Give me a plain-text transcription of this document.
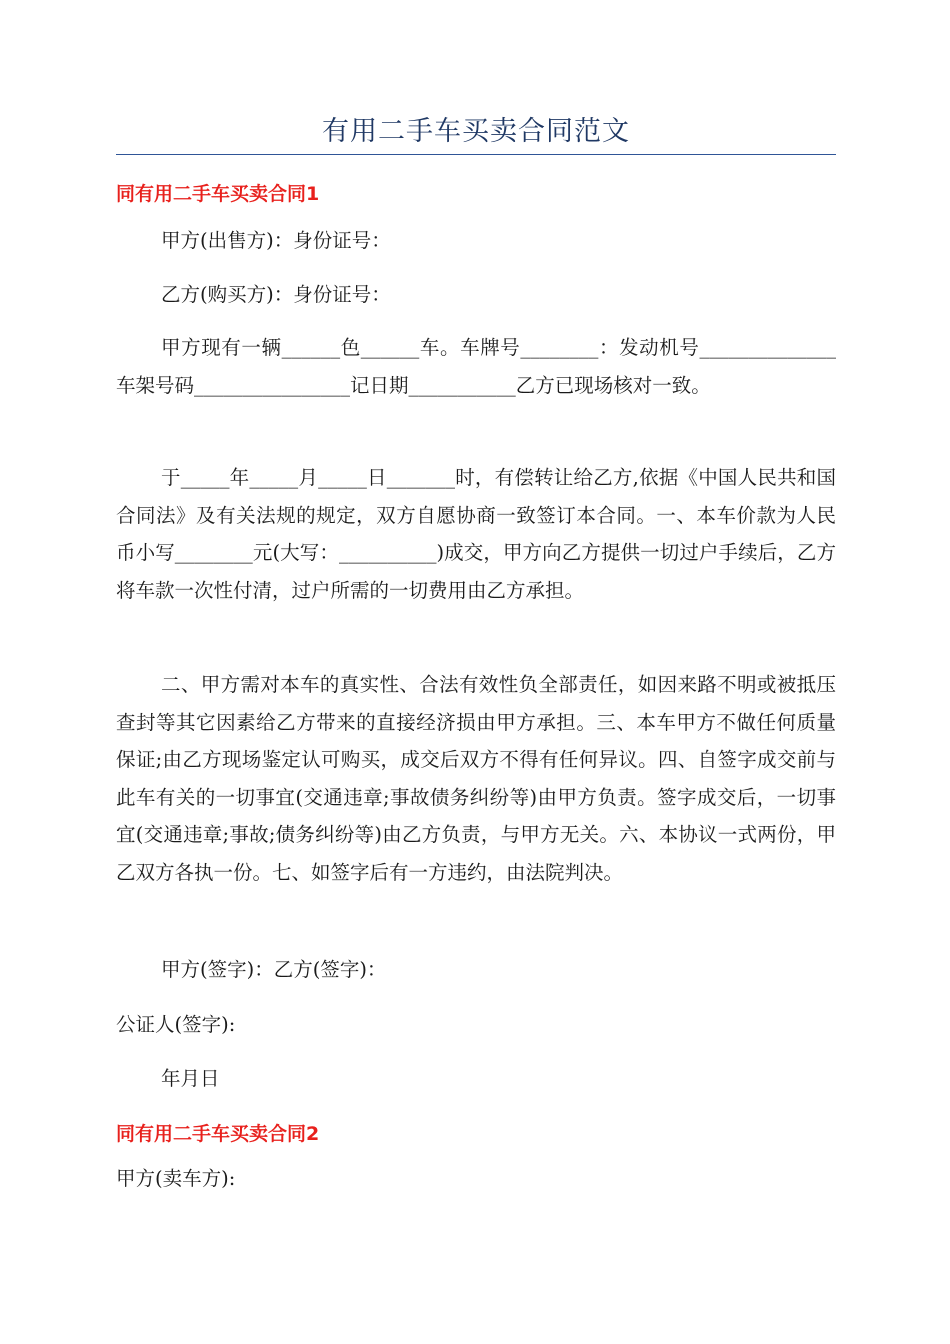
有用二手车买卖合同范文
同有用二手车买卖合同1
甲方(出售方)：身份证号：
乙方(购买方)：身份证号：

甲方现有一辆______色______车。车牌号________：发动机号______________车架号码________________记日期___________乙方已现场核对一致。

于_____年_____月_____日_______时，有偿转让给乙方,依据《中国人民共和国合同法》及有关法规的规定，双方自愿协商一致签订本合同。一、本车价款为人民币小写________元(大写：__________)成交，甲方向乙方提供一切过户手续后，乙方将车款一次性付清，过户所需的一切费用由乙方承担。

二、甲方需对本车的真实性、合法有效性负全部责任，如因来路不明或被抵压查封等其它因素给乙方带来的直接经济损由甲方承担。三、本车甲方不做任何质量保证;由乙方现场鉴定认可购买，成交后双方不得有任何异议。四、自签字成交前与此车有关的一切事宜(交通违章;事故债务纠纷等)由甲方负责。签字成交后，一切事宜(交通违章;事故;债务纠纷等)由乙方负责，与甲方无关。六、本协议一式两份，甲乙双方各执一份。七、如签字后有一方违约，由法院判决。

甲方(签字)：乙方(签字)：
公证人(签字):
年月日
同有用二手车买卖合同2
甲方(卖车方):
